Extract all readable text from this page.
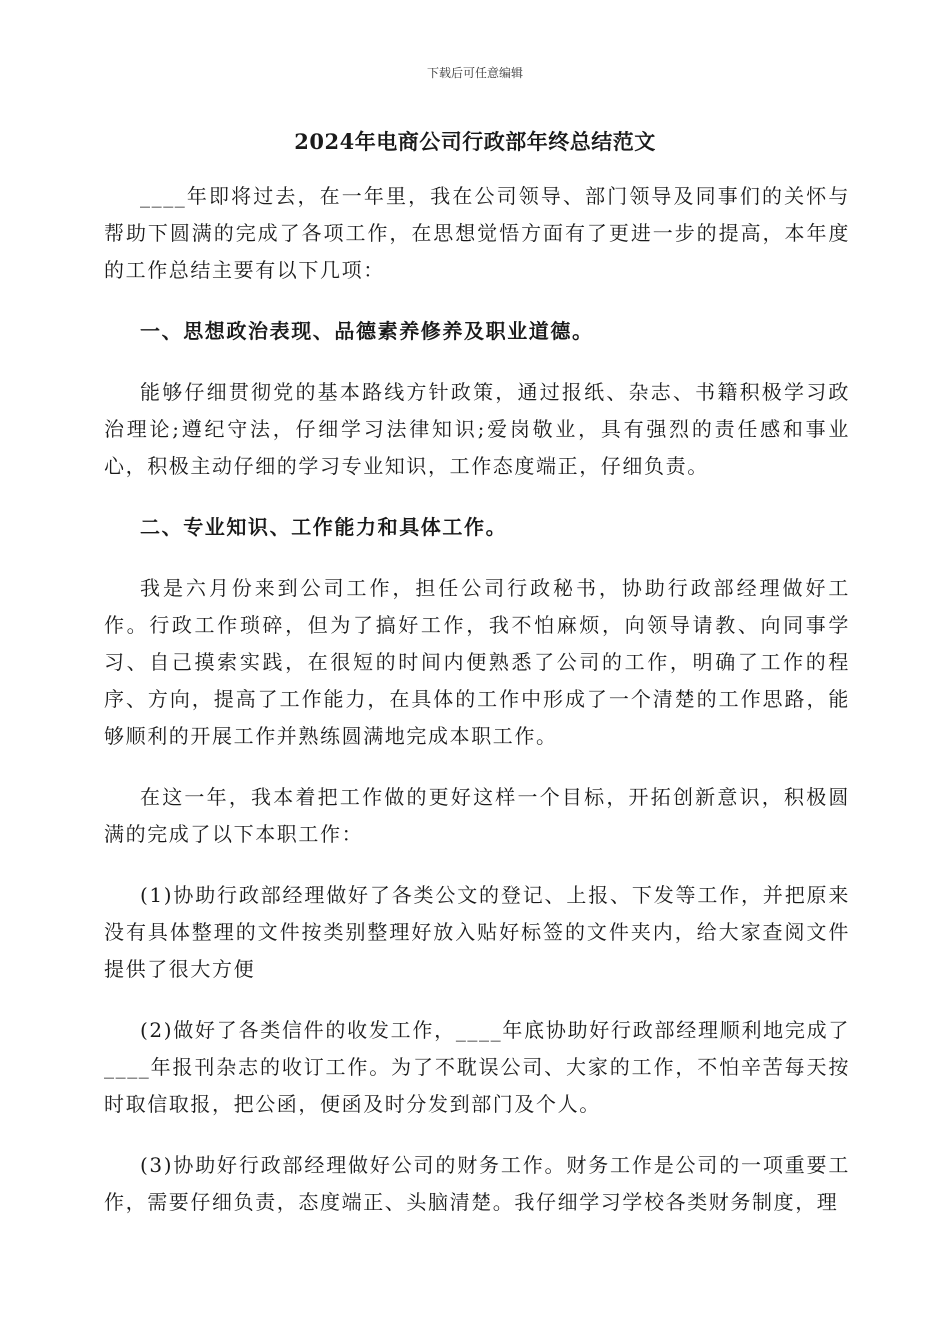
下载后可任意编辑
2024年电商公司行政部年终总结范文

____年即将过去，在一年里，我在公司领导、部门领导及同事们的关怀与帮助下圆满的完成了各项工作，在思想觉悟方面有了更进一步的提高，本年度的工作总结主要有以下几项：

一、思想政治表现、品德素养修养及职业道德。

能够仔细贯彻党的基本路线方针政策，通过报纸、杂志、书籍积极学习政治理论;遵纪守法，仔细学习法律知识;爱岗敬业，具有强烈的责任感和事业心，积极主动仔细的学习专业知识，工作态度端正，仔细负责。

二、专业知识、工作能力和具体工作。

我是六月份来到公司工作，担任公司行政秘书，协助行政部经理做好工作。行政工作琐碎，但为了搞好工作，我不怕麻烦，向领导请教、向同事学习、自己摸索实践，在很短的时间内便熟悉了公司的工作，明确了工作的程序、方向，提高了工作能力，在具体的工作中形成了一个清楚的工作思路，能够顺利的开展工作并熟练圆满地完成本职工作。

在这一年，我本着把工作做的更好这样一个目标，开拓创新意识，积极圆满的完成了以下本职工作：

(1)协助行政部经理做好了各类公文的登记、上报、下发等工作，并把原来没有具体整理的文件按类别整理好放入贴好标签的文件夹内，给大家查阅文件提供了很大方便

(2)做好了各类信件的收发工作，____年底协助好行政部经理顺利地完成了____年报刊杂志的收订工作。为了不耽误公司、大家的工作，不怕辛苦每天按时取信取报，把公函，便函及时分发到部门及个人。

(3)协助好行政部经理做好公司的财务工作。财务工作是公司的一项重要工作，需要仔细负责，态度端正、头脑清楚。我仔细学习学校各类财务制度，理
